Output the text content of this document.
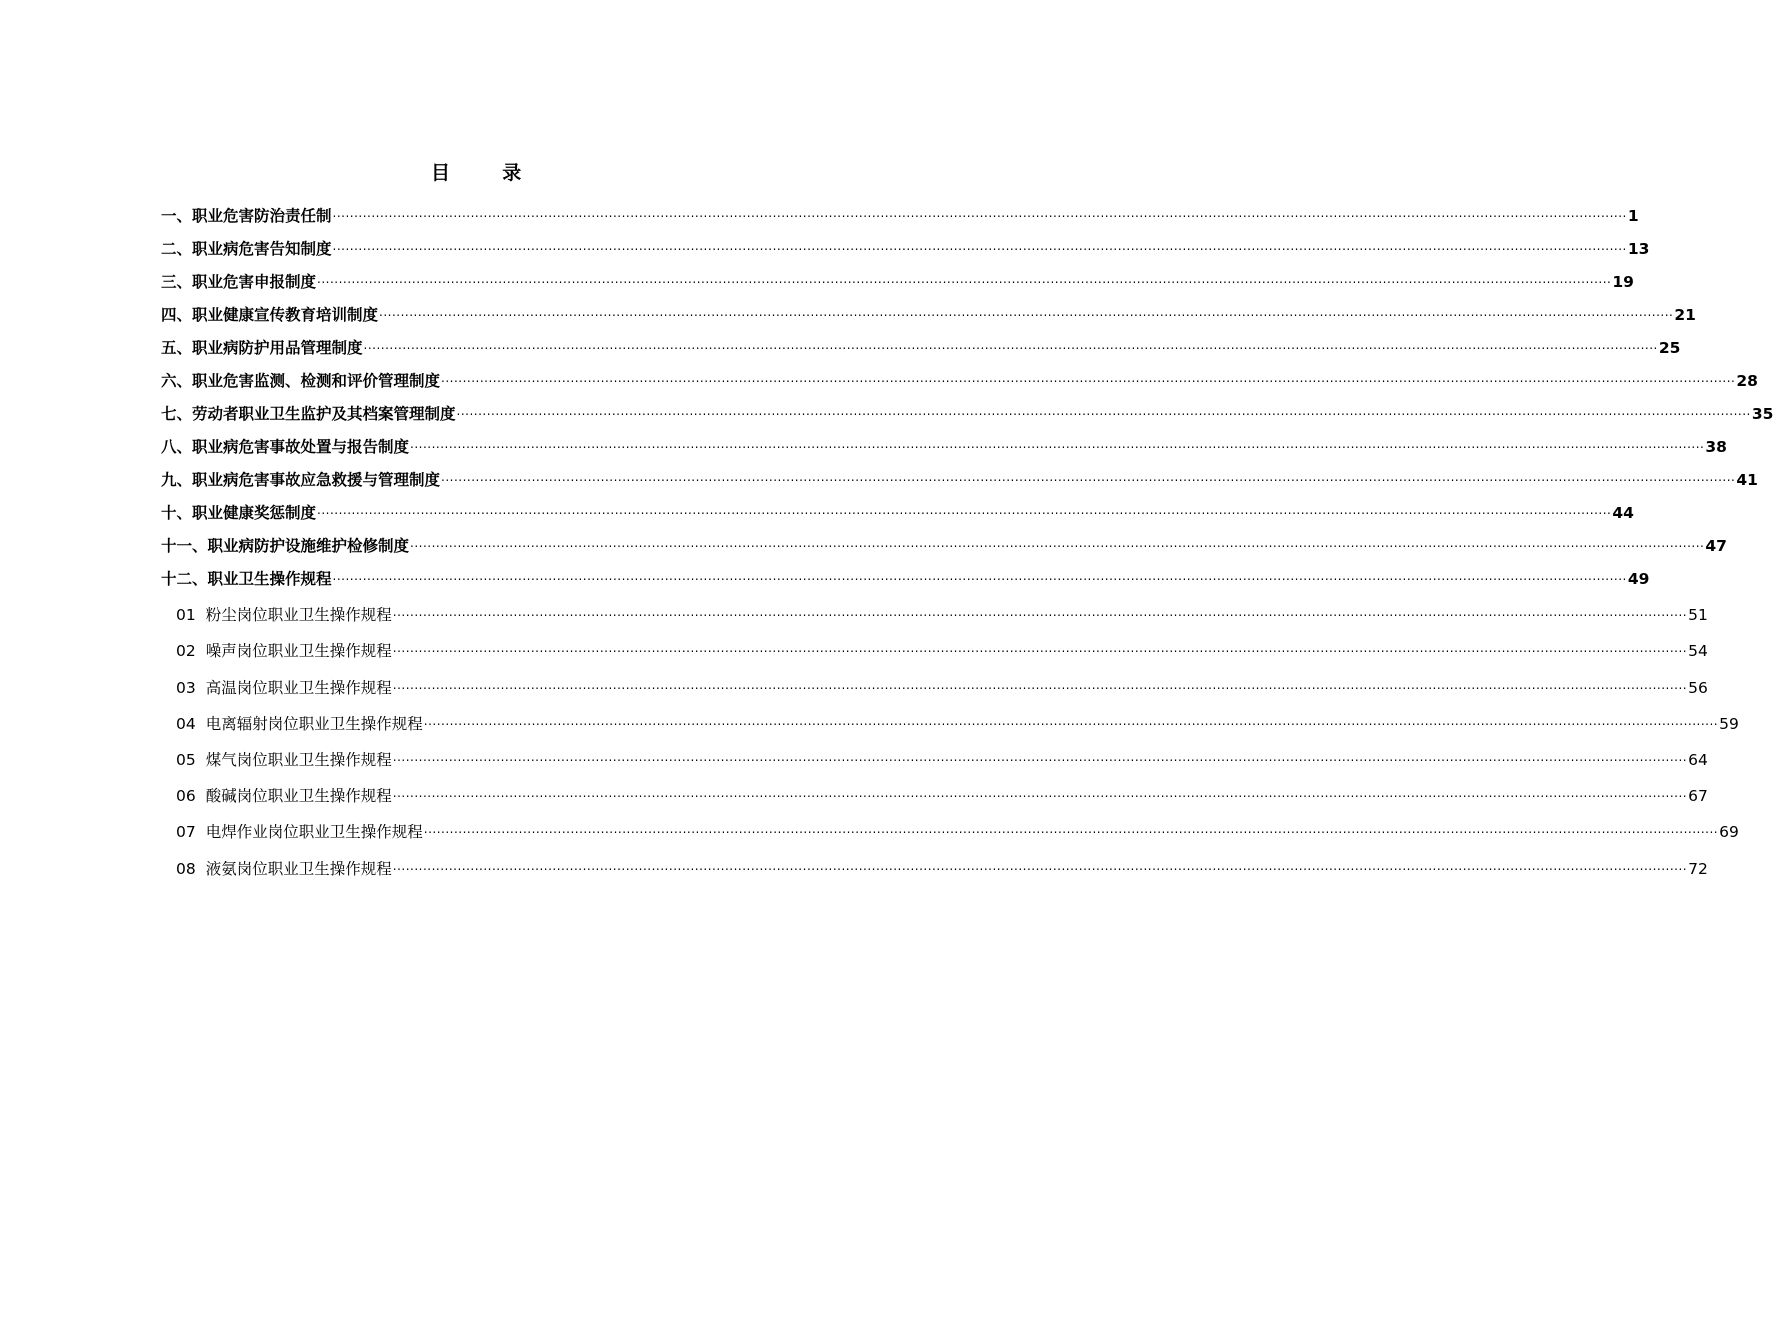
目 录
一、职业危害防治责任制 ............................................................................................................................................................................................................................................................................................................ 1
二、职业病危害告知制度 ............................................................................................................................................................................................................................................................................................................ 13
三、职业危害申报制度 ............................................................................................................................................................................................................................................................................................................ 19
四、职业健康宣传教育培训制度 ............................................................................................................................................................................................................................................................................................................ 21
五、职业病防护用品管理制度 ............................................................................................................................................................................................................................................................................................................ 25
六、职业危害监测、检测和评价管理制度 ............................................................................................................................................................................................................................................................................................................ 28
七、劳动者职业卫生监护及其档案管理制度 ............................................................................................................................................................................................................................................................................................................ 35
八、职业病危害事故处置与报告制度 ............................................................................................................................................................................................................................................................................................................ 38
九、职业病危害事故应急救援与管理制度 ............................................................................................................................................................................................................................................................................................................ 41
十、职业健康奖惩制度 ............................................................................................................................................................................................................................................................................................................ 44
十一、职业病防护设施维护检修制度 ............................................................................................................................................................................................................................................................................................................ 47
十二、职业卫生操作规程 ............................................................................................................................................................................................................................................................................................................ 49
01 粉尘岗位职业卫生操作规程 ............................................................................................................................................................................................................................................................................................................ 51
02 噪声岗位职业卫生操作规程 ............................................................................................................................................................................................................................................................................................................ 54
03 高温岗位职业卫生操作规程 ............................................................................................................................................................................................................................................................................................................ 56
04 电离辐射岗位职业卫生操作规程 ............................................................................................................................................................................................................................................................................................................ 59
05 煤气岗位职业卫生操作规程 ............................................................................................................................................................................................................................................................................................................ 64
06 酸碱岗位职业卫生操作规程 ............................................................................................................................................................................................................................................................................................................ 67
07 电焊作业岗位职业卫生操作规程 ............................................................................................................................................................................................................................................................................................................ 69
08 液氨岗位职业卫生操作规程 ............................................................................................................................................................................................................................................................................................................ 72
